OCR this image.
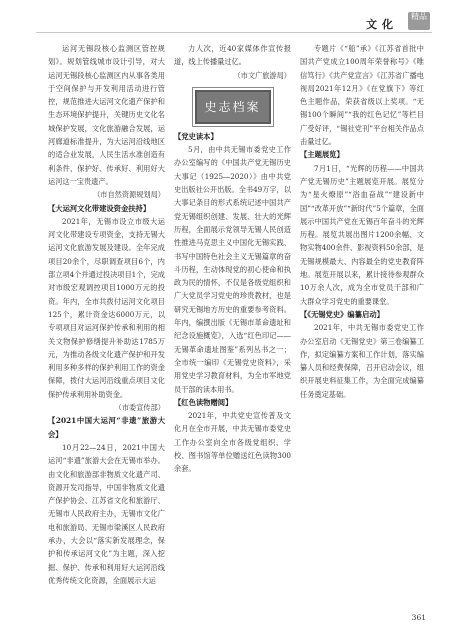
文化
精品

运河无锡段核心监测区管控规划》。规划管线城市设计引导，对大运河无锡段核心监测区内从事各类用于空间保护与开发利用活动进行管控，规范推进大运河文化遗产保护和生态环境保护提升，关键历史文化名城保护发展，文化旅游融合发展，运河廊道标准提升，为大运河沿线地区的适合业发展，人民生活水准创造有利条件，保护好、传承好、利用好大运河这一宝贵遗产。

（市自然资源规划局）

【大运河文化带建设资金扶持】

2021年，无锡市设立市级大运河文化带建设专项资金，支持无锡大运河文化旅游发展及建设。全年完成项目20余个，尽职调查项目6个，内部立项4个并通过投决项目1个，完成对市级宏观调控项目1000万元的投资。年内，全市共拨付运河文化项目125个，累计资金达6000万元，以专项项目对运河保护传承和利用的相关文物保护修缮提升补助达1785万元，为推动各级文化遗产保护和开发利用多种多样的保护利用工作的资金保障，拨付大运河沿线重点项目文化保护传承利用补助资金。

（市委宣传部）

【2021中国大运河“非遗”旅游大会】

10月22—24日，2021中国大运河“非遗”旅游大会在无锡市举办。由文化和旅游部非物质文化遗产司、资源开发司指导，中国非物质文化遗产保护协会、江苏省文化和旅游厅、无锡市人民政府主办，无锡市文化广电和旅游局、无锡市梁溪区人民政府承办，大会以“落实新发展理念，保护和传承运河文化”为主题，深入挖掘、保护、传承和利用好大运河沿线优秀传统文化资源，全面展示大运

力人次，近40家媒体作宣传报道，线上传播量过亿。

（市文广旅游局）

史志档案
【党史读本】

5月，由中共无锡市委党史工作办公室编写的《中国共产党无锡历史大事记（1925—2020）》由中共党史出版社公开出版。全书49万字，以大事记条目的形式系统记述中国共产党无锡组织创建、发展、壮大的光辉历程，全面展示党领导无锡人民创造性推进马克思主义中国化无锡实践、书写中国特色社会主义无锡篇章的奋斗历程，生动体现党的初心使命和执政为民的情怀，不仅是各级党组织和广大党员学习党史的珍贵教材，也是研究无锡地方历史的重要参考资料。年内，编撰出版《无锡市革命遗址和纪念设施概览》，入选“红色印记——无锡革命遗址图鉴”系列丛书之一；全市统一编印《无锡党史资料》，采用党史学习教育材料，为全市军地党员干部的读本用书。

【红色读物赠阅】

2021年，中共党史宣传普及文化月在全市开展，中共无锡市委党史工作办公室向全市各级党组织、学校、图书馆等单位赠送红色读物300余套。

专题片《“船”承》《江苏省首批中国共产党成立100周年荣誉称号》《唯信笃行》《共产党宣言》《江苏省广播电视局2021年12月》《在党旗下》等红色主题作品，荣获省级以上奖项。“无锡100个瞬间”“我的红色记忆”等栏目广受好评，“锡社党刊”平台相关作品点击量过亿。

【主题展览】

7月1日，“光辉的历程——中国共产党无锡历史”主题展览开展。展览分为“星火燎原”“浴血奋战”“建设新中国”“改革开放”“新时代”5个篇章，全面展示中国共产党在无锡百年奋斗的光辉历程。展览共展出图片1200余幅、文物实物400余件、影视资料50余部，是无锡规模最大、内容最全的党史教育阵地。展览开展以来，累计接待参观群众10万余人次，成为全市党员干部和广大群众学习党史的重要课堂。

【《无锡党史》编纂启动】

2021年，中共无锡市委党史工作办公室启动《无锡党史》第三卷编纂工作，拟定编纂方案和工作计划，落实编纂人员和经费保障，召开启动会议，组织开展史料征集工作，为全面完成编纂任务奠定基础。

361
